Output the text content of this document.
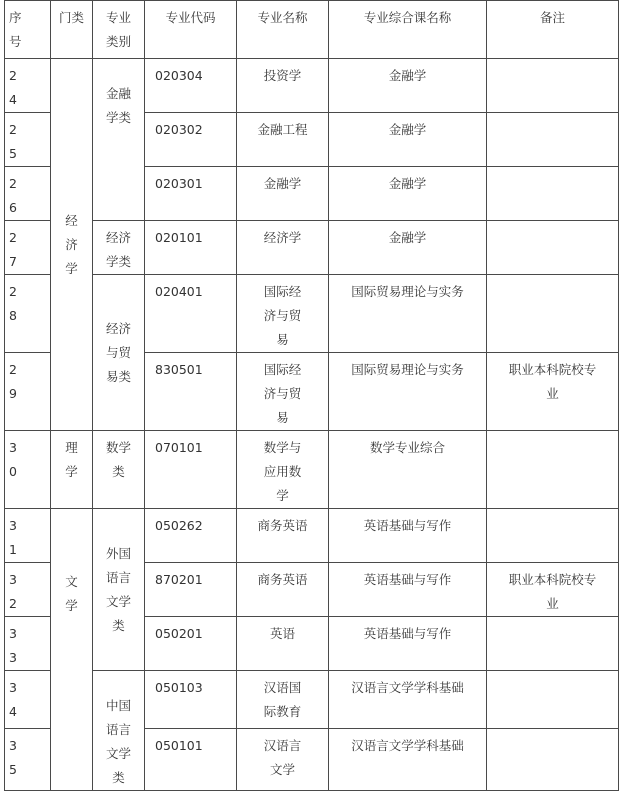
序号	门类	专业类别	专业代码	专业名称	专业综合课名称	备注

24	经济学	金融学类	020304	投资学	金融学	

25			020302	金融工程	金融学	

26			020301	金融学	金融学	

27		经济学类	020101	经济学	金融学	

28		经济与贸易类	020401	国际经济与贸易	国际贸易理论与实务	

29			830501	国际经济与贸易	国际贸易理论与实务	职业本科院校专业

30	理学	数学类	070101	数学与应用数学	数学专业综合	

31	文学	外国语言文学类	050262	商务英语	英语基础与写作	

32			870201	商务英语	英语基础与写作	职业本科院校专业

33			050201	英语	英语基础与写作	

34		中国语言文学类	050103	汉语国际教育	汉语言文学学科基础	

35			050101	汉语言文学	汉语言文学学科基础	
